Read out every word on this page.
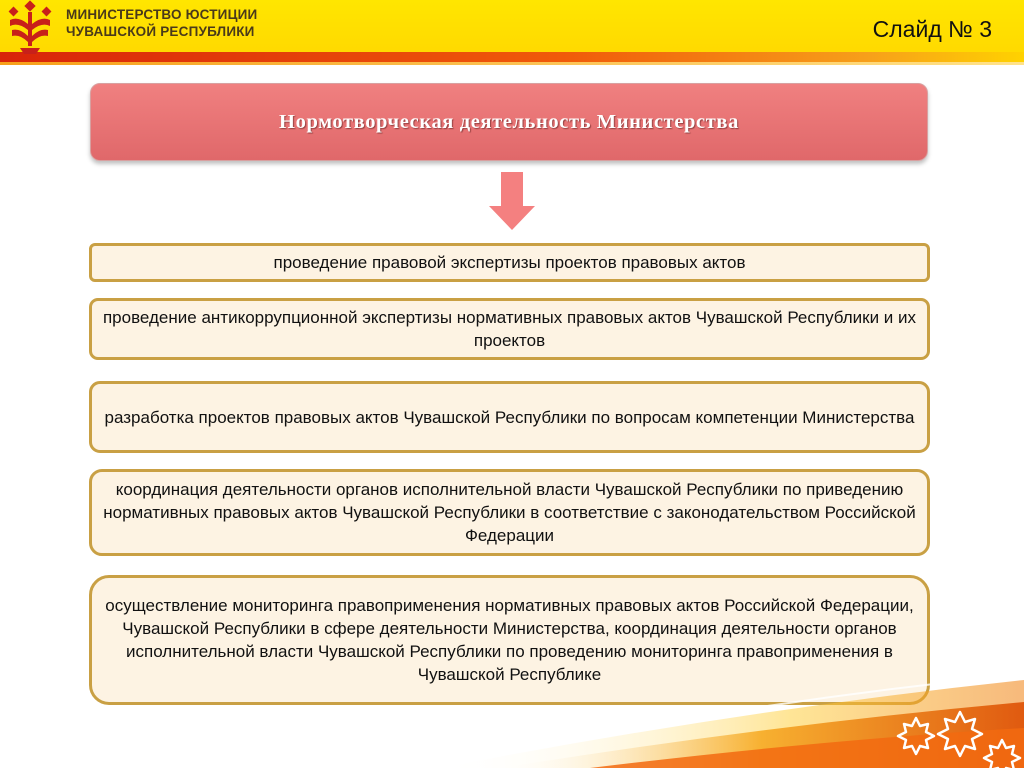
МИНИСТЕРСТВО ЮСТИЦИИ
ЧУВАШСКОЙ РЕСПУБЛИКИ	Слайд № 3
Нормотворческая деятельность Министерства
проведение правовой экспертизы проектов правовых актов
проведение антикоррупционной экспертизы нормативных правовых актов Чувашской Республики и их проектов
разработка проектов правовых актов Чувашской Республики по вопросам компетенции Министерства
координация деятельности органов исполнительной власти Чувашской Республики по приведению нормативных правовых актов Чувашской Республики в соответствие с законодательством Российской Федерации
осуществление мониторинга правоприменения нормативных правовых актов Российской Федерации, Чувашской Республики в сфере деятельности Министерства, координация деятельности органов исполнительной власти Чувашской Республики по проведению мониторинга правоприменения в Чувашской Республике
